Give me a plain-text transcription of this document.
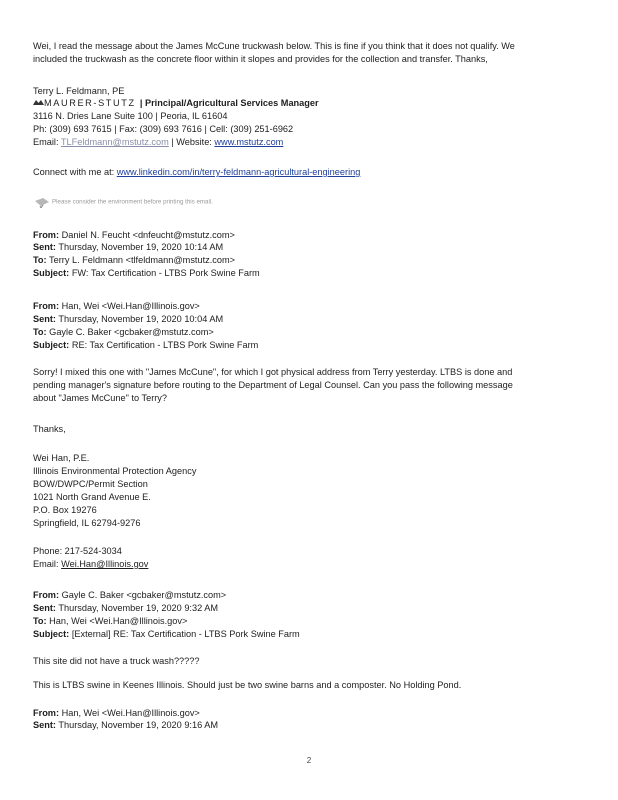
Wei, I read the message about the James McCune truckwash below. This is fine if you think that it does not qualify. We
included the truckwash as the concrete floor within it slopes and provides for the collection and transfer. Thanks,
Terry L. Feldmann, PE
MAURER-STUTZ | Principal/Agricultural Services Manager
3116 N. Dries Lane Suite 100 | Peoria, IL 61604
Ph: (309) 693 7615 | Fax: (309) 693 7616 | Cell: (309) 251-6962
Email: TLFeldmann@mstutz.com | Website: www.mstutz.com
Connect with me at: www.linkedin.com/in/terry-feldmann-agricultural-engineering
Please consider the environment before printing this email.
From: Daniel N. Feucht <dnfeucht@mstutz.com>
Sent: Thursday, November 19, 2020 10:14 AM
To: Terry L. Feldmann <tlfeldmann@mstutz.com>
Subject: FW: Tax Certification - LTBS Pork Swine Farm
From: Han, Wei <Wei.Han@Illinois.gov>
Sent: Thursday, November 19, 2020 10:04 AM
To: Gayle C. Baker <gcbaker@mstutz.com>
Subject: RE: Tax Certification - LTBS Pork Swine Farm
Sorry! I mixed this one with "James McCune", for which I got physical address from Terry yesterday. LTBS is done and
pending manager's signature before routing to the Department of Legal Counsel. Can you pass the following message
about "James McCune" to Terry?
Thanks,
Wei Han, P.E.
Illinois Environmental Protection Agency
BOW/DWPC/Permit Section
1021 North Grand Avenue E.
P.O. Box 19276
Springfield, IL 62794-9276
Phone: 217-524-3034
Email: Wei.Han@Illinois.gov
From: Gayle C. Baker <gcbaker@mstutz.com>
Sent: Thursday, November 19, 2020 9:32 AM
To: Han, Wei <Wei.Han@Illinois.gov>
Subject: [External] RE: Tax Certification - LTBS Pork Swine Farm
This site did not have a truck wash?????
This is LTBS swine in Keenes Illinois. Should just be two swine barns and a composter. No Holding Pond.
From: Han, Wei <Wei.Han@Illinois.gov>
Sent: Thursday, November 19, 2020 9:16 AM
2
